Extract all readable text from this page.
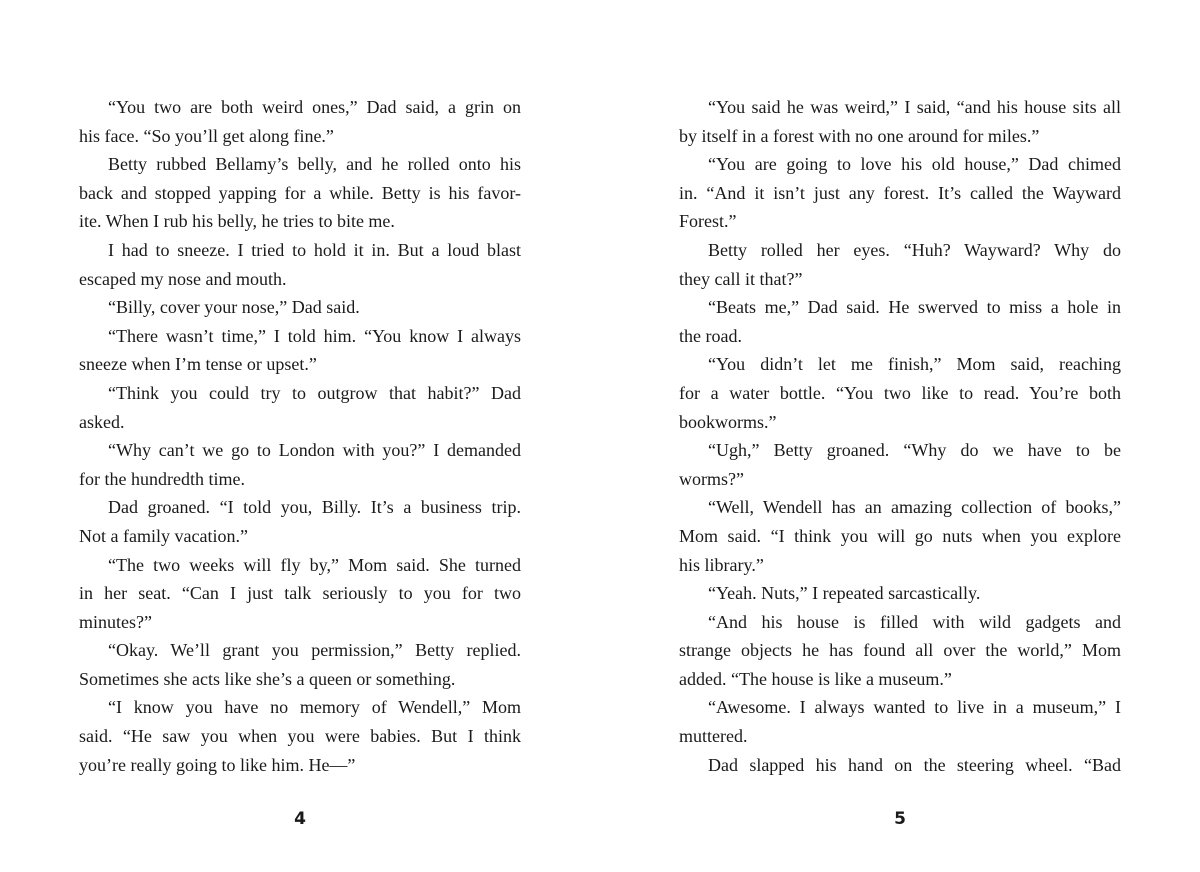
“You two are both weird ones,” Dad said, a grin on
his face. “So you’ll get along fine.”
Betty rubbed Bellamy’s belly, and he rolled onto his
back and stopped yapping for a while. Betty is his favor-
ite. When I rub his belly, he tries to bite me.
I had to sneeze. I tried to hold it in. But a loud blast
escaped my nose and mouth.
“Billy, cover your nose,” Dad said.
“There wasn’t time,” I told him. “You know I always
sneeze when I’m tense or upset.”
“Think you could try to outgrow that habit?” Dad
asked.
“Why can’t we go to London with you?” I demanded
for the hundredth time.
Dad groaned. “I told you, Billy. It’s a business trip.
Not a family vacation.”
“The two weeks will fly by,” Mom said. She turned
in her seat. “Can I just talk seriously to you for two
minutes?”
“Okay. We’ll grant you permission,” Betty replied.
Sometimes she acts like she’s a queen or something.
“I know you have no memory of Wendell,” Mom
said. “He saw you when you were babies. But I think
you’re really going to like him. He—”
“You said he was weird,” I said, “and his house sits all
by itself in a forest with no one around for miles.”
“You are going to love his old house,” Dad chimed
in. “And it isn’t just any forest. It’s called the Wayward
Forest.”
Betty rolled her eyes. “Huh? Wayward? Why do
they call it that?”
“Beats me,” Dad said. He swerved to miss a hole in
the road.
“You didn’t let me finish,” Mom said, reaching
for a water bottle. “You two like to read. You’re both
bookworms.”
“Ugh,” Betty groaned. “Why do we have to be
worms?”
“Well, Wendell has an amazing collection of books,”
Mom said. “I think you will go nuts when you explore
his library.”
“Yeah. Nuts,” I repeated sarcastically.
“And his house is filled with wild gadgets and
strange objects he has found all over the world,” Mom
added. “The house is like a museum.”
“Awesome. I always wanted to live in a museum,” I
muttered.
Dad slapped his hand on the steering wheel. “Bad
4	5
